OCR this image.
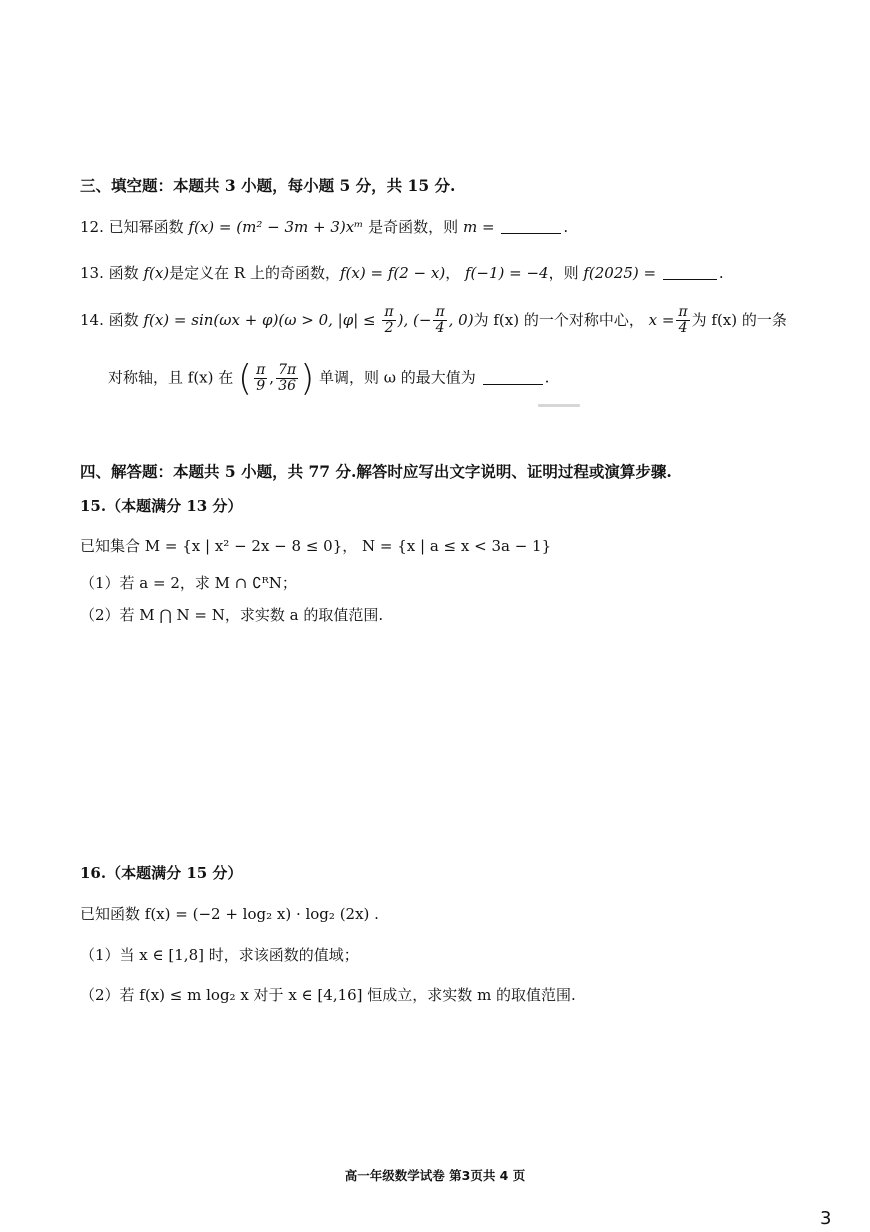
三、填空题：本题共 3 小题，每小题 5 分，共 15 分.
12. 已知幂函数 f(x) = (m² − 3m + 3)xᵐ 是奇函数，则 m =	.
13. 函数 f(x)是定义在 R 上的奇函数，f(x) = f(2 − x)， f(−1) = −4，则 f(2025) =	.
14. 函数 f(x) = sin(ωx + φ)(ω > 0, $|\varphi| \le \frac{\pi}{2}$ ), (− $\frac{\pi}{4}$ , 0)为 f(x) 的一个对称中心， $x = \frac{\pi}{4}$ 为 f(x) 的一条
对称轴，且 f(x) 在 ( $\frac{\pi}{9}$ , $\frac{7\pi}{36}$ ) 单调，则 ω 的最大值为	.
四、解答题：本题共 5 小题，共 77 分.解答时应写出文字说明、证明过程或演算步骤.
15.（本题满分 13 分）
已知集合 M = {x | x² − 2x − 8 ≤ 0}， N = {x | a ≤ x < 3a − 1}
（1）若 a = 2，求 M ∩ ∁ᴿN；
（2）若 M ⋂ N = N，求实数 a 的取值范围.
16.（本题满分 15 分）
已知函数 f(x) = (−2 + log₂ x) · log₂ (2x) .
（1）当 x ∈ [1,8] 时，求该函数的值域；
（2）若 f(x) ≤ m log₂ x 对于 x ∈ [4,16] 恒成立，求实数 m 的取值范围.
高一年级数学试卷 第3页共 4 页
3
